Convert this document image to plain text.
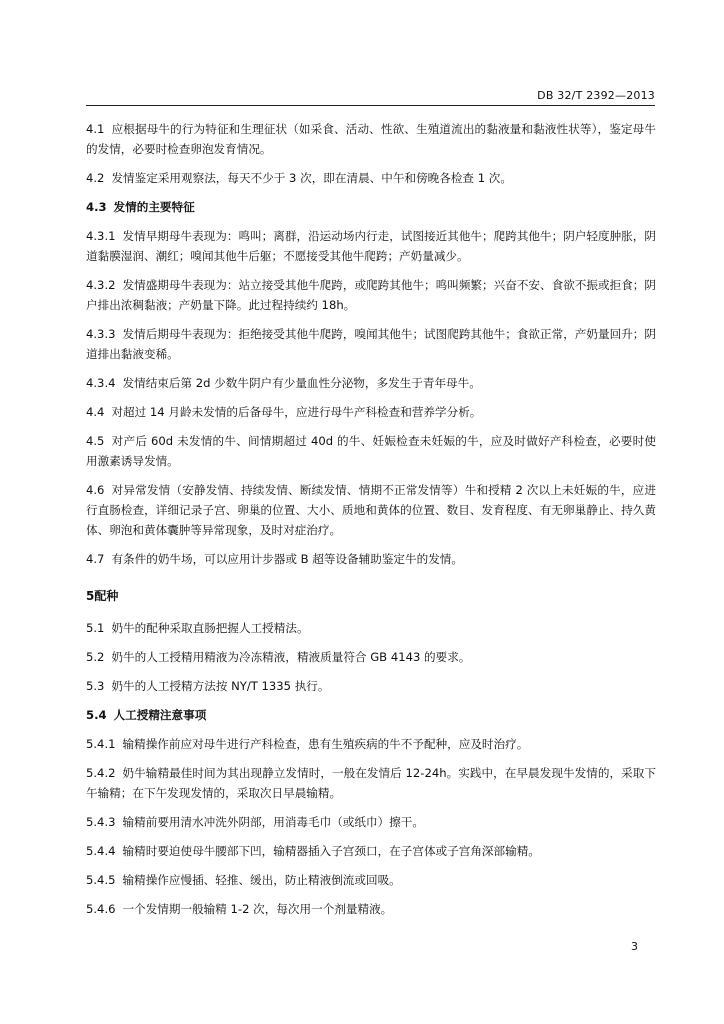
DB 32/T 2392—2013
4.1 应根据母牛的行为特征和生理征状（如采食、活动、性欲、生殖道流出的黏液量和黏液性状等），鉴定母牛的发情，必要时检查卵泡发育情况。
4.2 发情鉴定采用观察法，每天不少于 3 次，即在清晨、中午和傍晚各检查 1 次。
4.3 发情的主要特征
4.3.1 发情早期母牛表现为：鸣叫；离群，沿运动场内行走，试图接近其他牛；爬跨其他牛；阴户轻度肿胀，阴道黏膜湿润、潮红；嗅闻其他牛后躯；不愿接受其他牛爬跨；产奶量减少。
4.3.2 发情盛期母牛表现为：站立接受其他牛爬跨，或爬跨其他牛；鸣叫频繁；兴奋不安、食欲不振或拒食；阴户排出浓稠黏液；产奶量下降。此过程持续约 18h。
4.3.3 发情后期母牛表现为：拒绝接受其他牛爬跨，嗅闻其他牛；试图爬跨其他牛；食欲正常，产奶量回升；阴道排出黏液变稀。
4.3.4 发情结束后第 2d 少数牛阴户有少量血性分泌物，多发生于青年母牛。
4.4 对超过 14 月龄未发情的后备母牛，应进行母牛产科检查和营养学分析。
4.5 对产后 60d 未发情的牛、间情期超过 40d 的牛、妊娠检查未妊娠的牛，应及时做好产科检查，必要时使用激素诱导发情。
4.6 对异常发情（安静发情、持续发情、断续发情、情期不正常发情等）牛和授精 2 次以上未妊娠的牛，应进行直肠检查，详细记录子宫、卵巢的位置、大小、质地和黄体的位置、数目、发育程度、有无卵巢静止、持久黄体、卵泡和黄体囊肿等异常现象，及时对症治疗。
4.7 有条件的奶牛场，可以应用计步器或 B 超等设备辅助鉴定牛的发情。
5配种
5.1 奶牛的配种采取直肠把握人工授精法。
5.2 奶牛的人工授精用精液为冷冻精液，精液质量符合 GB 4143 的要求。
5.3 奶牛的人工授精方法按 NY/T 1335 执行。
5.4 人工授精注意事项
5.4.1 输精操作前应对母牛进行产科检查，患有生殖疾病的牛不予配种，应及时治疗。
5.4.2 奶牛输精最佳时间为其出现静立发情时，一般在发情后 12-24h。实践中，在早晨发现牛发情的，采取下午输精；在下午发现发情的，采取次日早晨输精。
5.4.3 输精前要用清水冲洗外阴部，用消毒毛巾（或纸巾）擦干。
5.4.4 输精时要迫使母牛腰部下凹，输精器插入子宫颈口，在子宫体或子宫角深部输精。
5.4.5 输精操作应慢插、轻推、缓出，防止精液倒流或回吸。
5.4.6 一个发情期一般输精 1-2 次，每次用一个剂量精液。
3
